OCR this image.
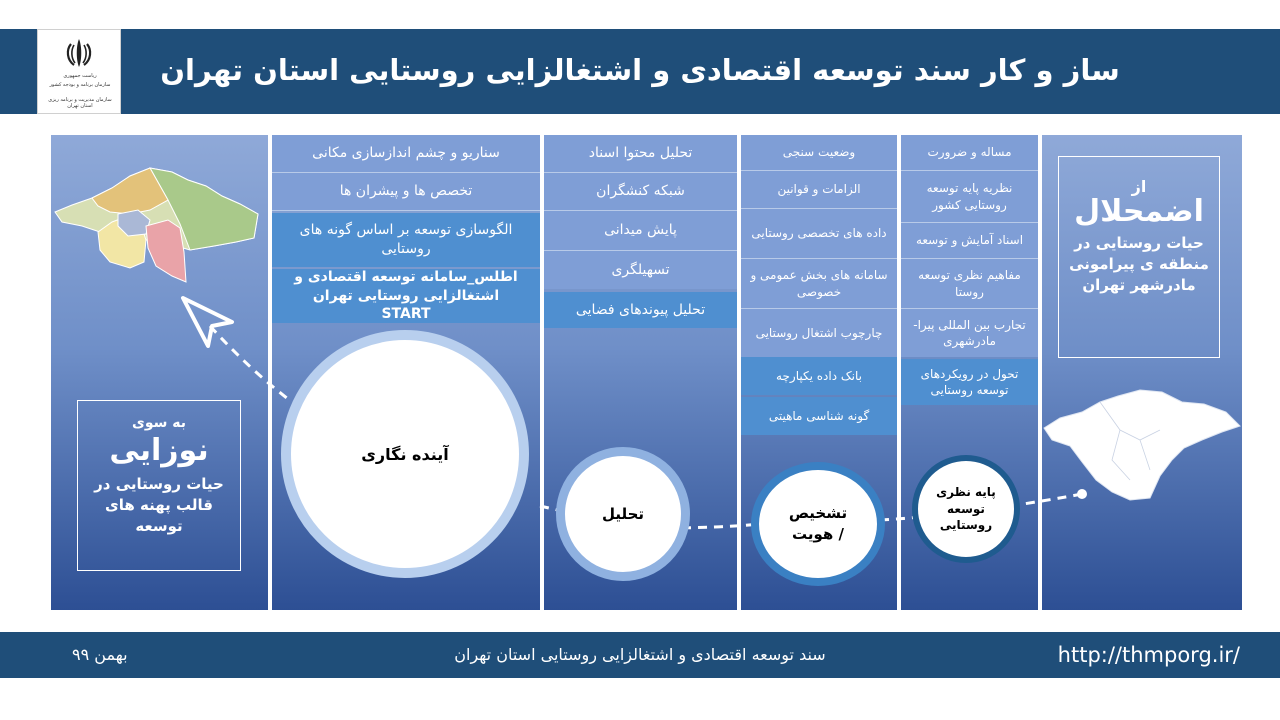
ریاست جمهوری
سازمان برنامه و بودجه کشور
سازمان مدیریت و برنامه ریزی استان تهران
ساز و کار سند توسعه اقتصادی و اشتغالزایی روستایی استان تهران
به سوی
نوزایی
حیات روستایی در قالب پهنه های توسعه
از
اضمحلال
حیات روستایی در منطقه ی پیرامونی مادرشهر تهران
سناریو و چشم اندازسازی مکانی
تخصص ها و پیشران ها
الگوسازی توسعه بر اساس گونه های روستایی
اطلس_سامانه توسعه اقتصادی و اشتغالزایی روستایی تهران START
تحلیل محتوا اسناد
شبکه کنشگران
پایش میدانی
تسهیلگری
تحلیل پیوندهای فضایی
وضعیت سنجی
الزامات و قوانین
داده های تخصصی روستایی
سامانه های بخش عمومی و خصوصی
چارچوب اشتغال روستایی
بانک داده یکپارچه
گونه شناسی ماهیتی
مساله و ضرورت
نظریه پایه توسعه روستایی کشور
اسناد آمایش و توسعه
مفاهیم نظری توسعه روستا
تجارب بین المللی پیرا-مادرشهری
تحول در رویکردهای توسعه روستایی
آینده نگاری
تحلیل	تشخیص / هویت
پایه نظری توسعه روستایی
بهمن ۹۹	سند توسعه اقتصادی و اشتغالزایی روستایی استان تهران	http://thmporg.ir/
